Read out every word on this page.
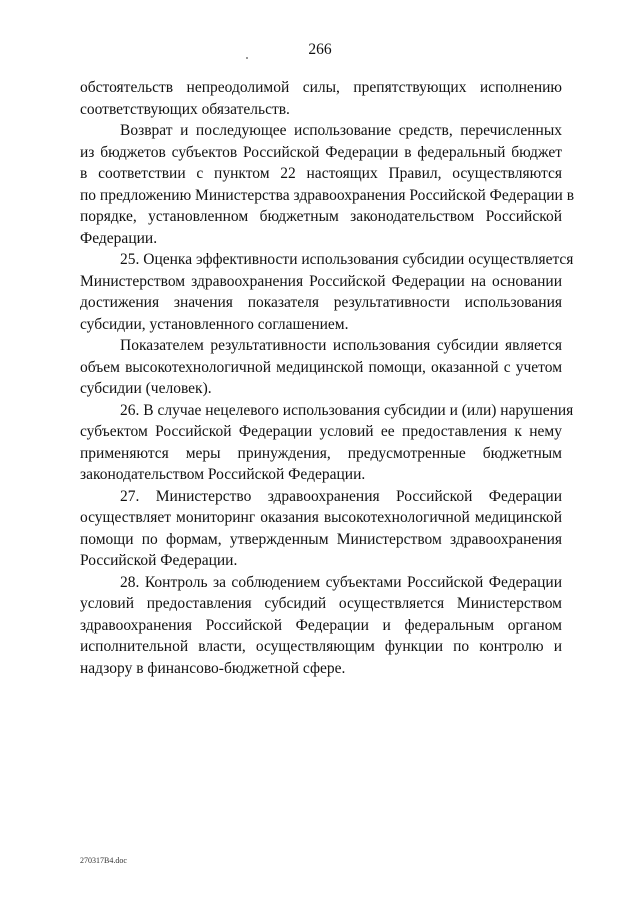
266
обстоятельств непреодолимой силы, препятствующих исполнению
соответствующих обязательств.
Возврат и последующее использование средств, перечисленных
из бюджетов субъектов Российской Федерации в федеральный бюджет
в соответствии с пунктом 22 настоящих Правил, осуществляются
по предложению Министерства здравоохранения Российской Федерации в
порядке, установленном бюджетным законодательством Российской
Федерации.
25. Оценка эффективности использования субсидии осуществляется
Министерством здравоохранения Российской Федерации на основании
достижения значения показателя результативности использования
субсидии, установленного соглашением.
Показателем результативности использования субсидии является
объем высокотехнологичной медицинской помощи, оказанной с учетом
субсидии (человек).
26. В случае нецелевого использования субсидии и (или) нарушения
субъектом Российской Федерации условий ее предоставления к нему
применяются меры принуждения, предусмотренные бюджетным
законодательством Российской Федерации.
27. Министерство здравоохранения Российской Федерации
осуществляет мониторинг оказания высокотехнологичной медицинской
помощи по формам, утвержденным Министерством здравоохранения
Российской Федерации.
28. Контроль за соблюдением субъектами Российской Федерации
условий предоставления субсидий осуществляется Министерством
здравоохранения Российской Федерации и федеральным органом
исполнительной власти, осуществляющим функции по контролю и
надзору в финансово-бюджетной сфере.
270317В4.doc
